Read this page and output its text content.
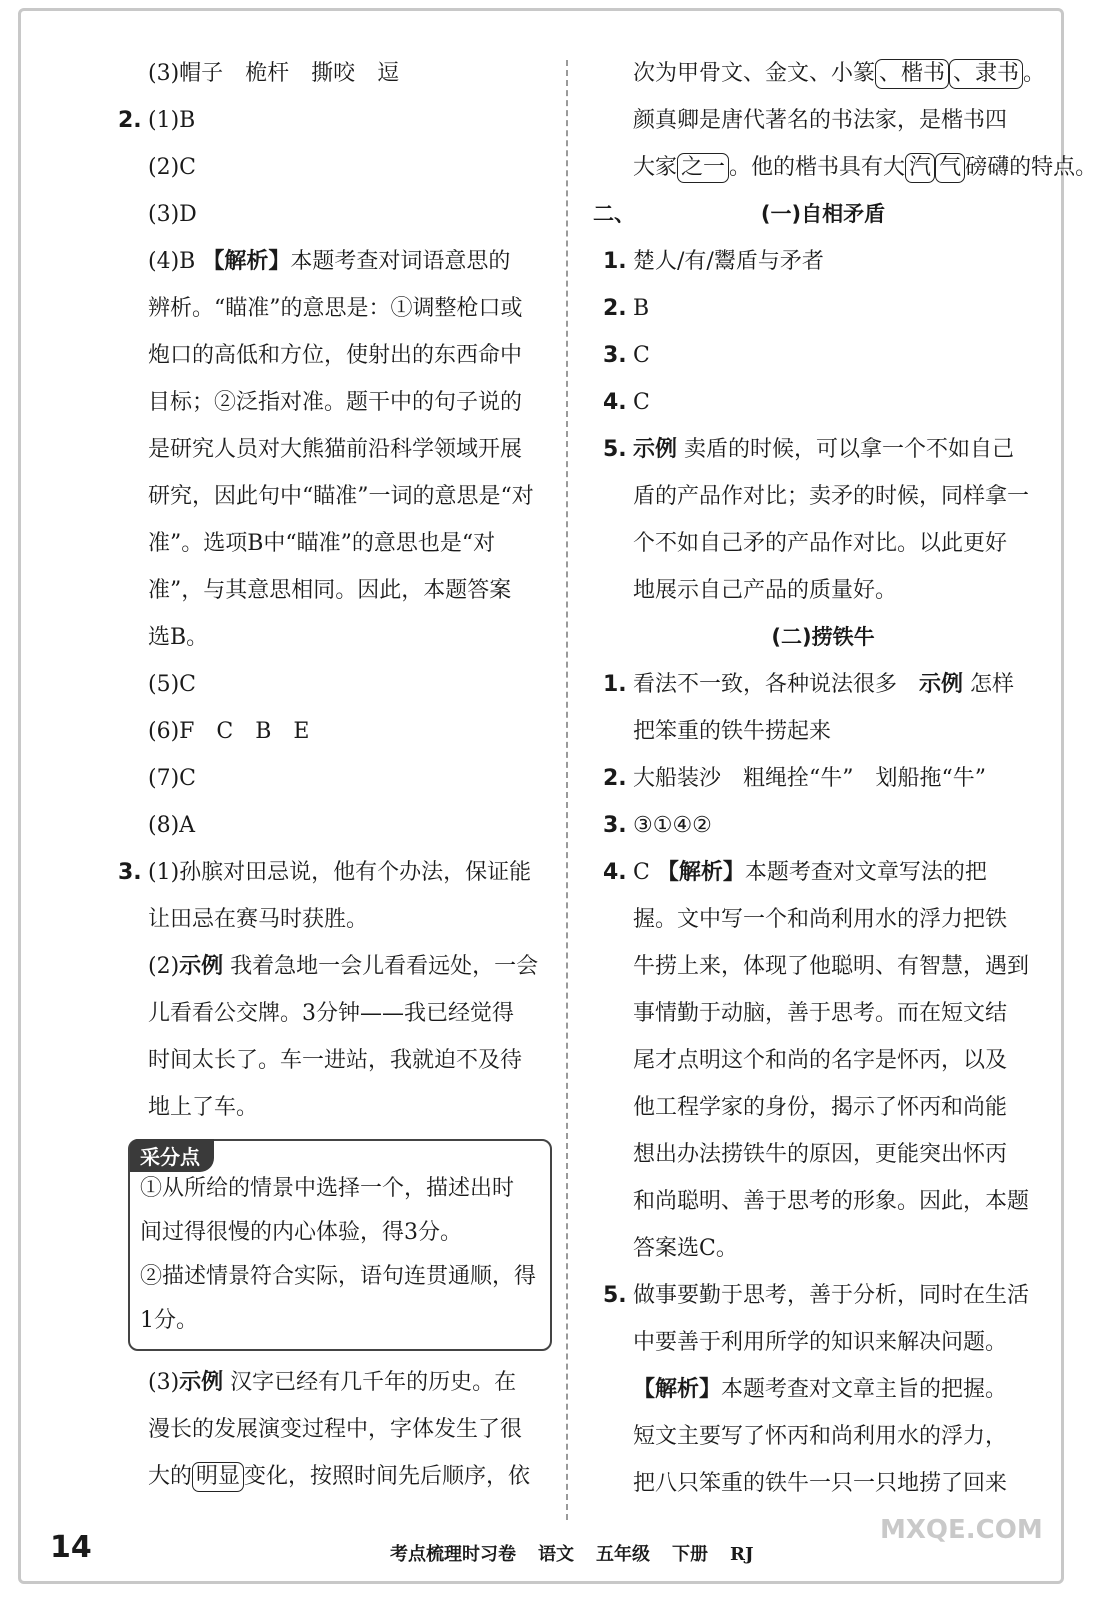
(3)帽子　桅杆　撕咬　逗
2. (1)B
(2)C
(3)D
(4)B 【解析】本题考查对词语意思的
辨析。“瞄准”的意思是：①调整枪口或
炮口的高低和方位，使射出的东西命中
目标；②泛指对准。题干中的句子说的
是研究人员对大熊猫前沿科学领域开展
研究，因此句中“瞄准”一词的意思是“对
准”。选项B中“瞄准”的意思也是“对
准”，与其意思相同。因此，本题答案
选B。
(5)C
(6)F　C　B　E
(7)C
(8)A
3. (1)孙膑对田忌说，他有个办法，保证能
让田忌在赛马时获胜。
(2)示例 我着急地一会儿看看远处，一会
儿看看公交牌。3分钟——我已经觉得
时间太长了。车一进站，我就迫不及待
地上了车。
采分点
①从所给的情景中选择一个，描述出时
间过得很慢的内心体验，得3分。
②描述情景符合实际，语句连贯通顺，得
1分。
(3)示例 汉字已经有几千年的历史。在
漫长的发展演变过程中，字体发生了很
大的 明显 变化，按照时间先后顺序，依
次为甲骨文、金文、小篆 、楷书 、隶书 。
颜真卿是唐代著名的书法家，是楷书四
大家 之一 。他的楷书具有大 汽 气 磅礴的特点。
二、	(一)自相矛盾
1. 楚人/有/鬻盾与矛者
2. B
3. C
4. C
5. 示例 卖盾的时候，可以拿一个不如自己
盾的产品作对比；卖矛的时候，同样拿一
个不如自己矛的产品作对比。以此更好
地展示自己产品的质量好。
(二)捞铁牛
1. 看法不一致，各种说法很多　示例 怎样
把笨重的铁牛捞起来
2. 大船装沙　粗绳拴“牛”　划船拖“牛”
3. ③①④②
4. C 【解析】本题考查对文章写法的把
握。文中写一个和尚利用水的浮力把铁
牛捞上来，体现了他聪明、有智慧，遇到
事情勤于动脑，善于思考。而在短文结
尾才点明这个和尚的名字是怀丙，以及
他工程学家的身份，揭示了怀丙和尚能
想出办法捞铁牛的原因，更能突出怀丙
和尚聪明、善于思考的形象。因此，本题
答案选C。
5. 做事要勤于思考，善于分析，同时在生活
中要善于利用所学的知识来解决问题。
【解析】本题考查对文章主旨的把握。
短文主要写了怀丙和尚利用水的浮力，
把八只笨重的铁牛一只一只地捞了回来
14	考点梳理时习卷 语文 五年级 下册 RJ
MXQE.COM
